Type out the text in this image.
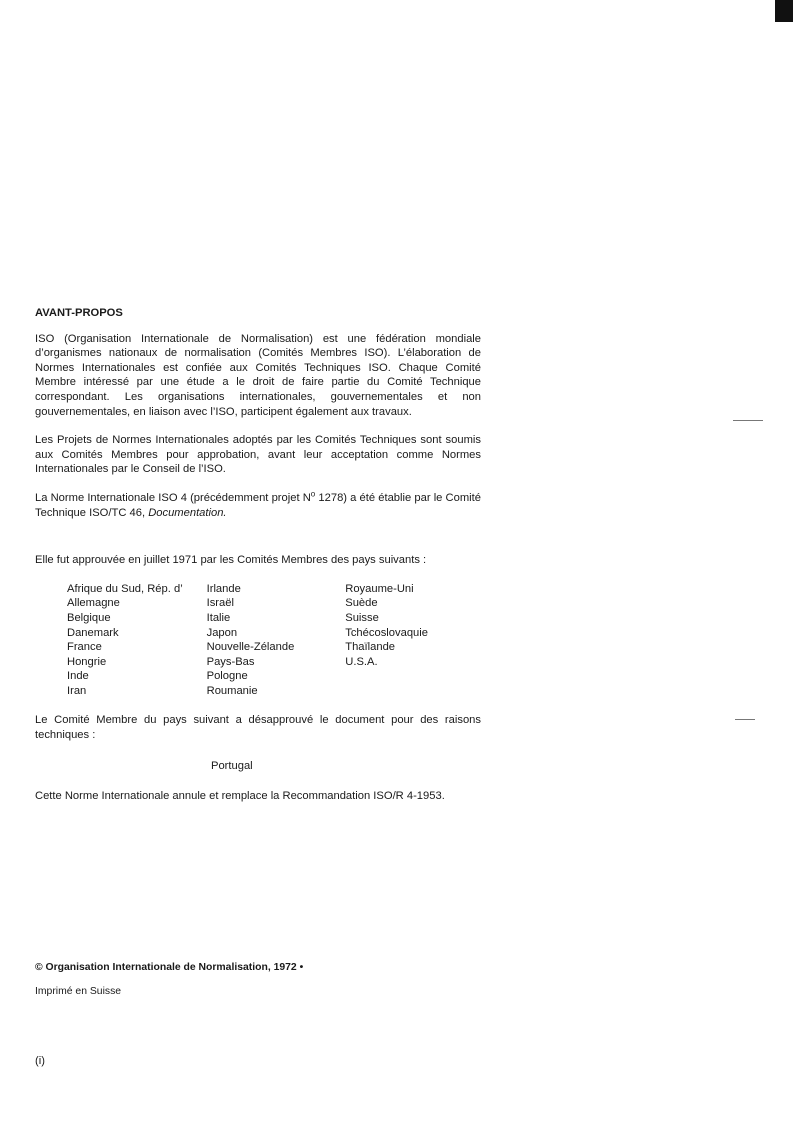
AVANT-PROPOS

ISO (Organisation Internationale de Normalisation) est une fédération mondiale d’organismes nationaux de normalisation (Comités Membres ISO). L’élaboration de Normes Internationales est confiée aux Comités Techniques ISO. Chaque Comité Membre intéressé par une étude a le droit de faire partie du Comité Technique correspondant. Les organisations internationales, gouvernementales et non gouvernementales, en liaison avec l’ISO, participent également aux travaux.

Les Projets de Normes Internationales adoptés par les Comités Techniques sont soumis aux Comités Membres pour approbation, avant leur acceptation comme Normes Internationales par le Conseil de l’ISO.

La Norme Internationale ISO 4 (précédemment projet $N^o$ 1278) a été établie par le Comité Technique ISO/TC 46, Documentation.

Elle fut approuvée en juillet 1971 par les Comités Membres des pays suivants :

Afrique du Sud, Rép. d’
Allemagne
Belgique
Danemark
France
Hongrie
Inde
Iran
Irlande
Israël
Italie
Japon
Nouvelle-Zélande
Pays-Bas
Pologne
Roumanie
Royaume-Uni
Suède
Suisse
Tchécoslovaquie
Thaïlande
U.S.A.

Le Comité Membre du pays suivant a désapprouvé le document pour des raisons techniques :

Portugal

Cette Norme Internationale annule et remplace la Recommandation ISO/R 4-1953.

© Organisation Internationale de Normalisation, 1972 •
Imprimé en Suisse
(i)
